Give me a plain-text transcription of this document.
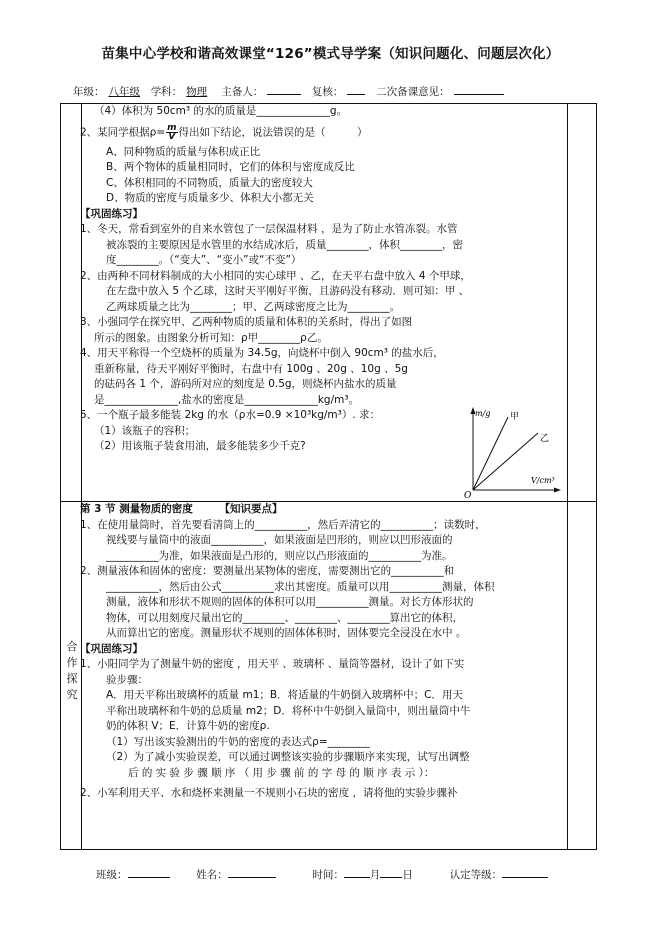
苗集中心学校和谐高效课堂“126”模式导学案（知识问题化、问题层次化）
年级： 八年级 学科： 物理 主备人：	复核：	二次备课意见：
合
作
探
究

（4）体积为 50cm³ 的水的质量是______________g。

2、某同学根据$\rho= \frac{m}{V}$ 得出如下结论，说法错误的是（　　　）

A、同种物质的质量与体积成正比

B、两个物体的质量相同时，它们的体积与密度成反比

C、体积相同的不同物质，质量大的密度较大

D、物质的密度与质量多少、体积大小都无关

【巩固练习】

1、冬天，常看到室外的自来水管包了一层保温材料 ，是为了防止水管冻裂。水管

被冻裂的主要原因是水管里的水结成冰后，质量________，体积________，密

度________。（“变大”、“变小”或“不变”）

2、由两种不同材料制成的大小相同的实心球甲 、乙，在天平右盘中放入 4 个甲球，

在左盘中放入 5 个乙球，这时天平刚好平衡，且游码没有移动．则可知：甲 、

乙两球质量之比为________；甲、乙两球密度之比为________。

3、小强同学在探究甲、乙两种物质的质量和体积的关系时，得出了如图

所示的图象。由图象分析可知：ρ甲________ρ乙。

4、用天平称得一个空烧杯的质量为 34.5g，向烧杯中倒入 90cm³ 的盐水后，

重新称量，待天平刚好平衡时，右盘中有 100g 、20g 、10g 、5g

的砝码各 1 个，游码所对应的刻度是 0.5g，则烧杯内盐水的质量

是______________,盐水的密度是______________kg/m³。

5、一个瓶子最多能装 2kg 的水（ρ水=0.9 ×10³kg/m³）. 求：

（1）该瓶子的容积；

（2）用该瓶子装食用油，最多能装多少千克?

m/g
V/cm³
O
甲
乙

第 3 节 测量物质的密度	【知识要点】

1、在使用量筒时，首先要看清筒上的__________，然后弄清它的__________；读数时，

视线要与量筒中的液面__________，如果液面是凹形的，则应以凹形液面的

__________为准，如果液面是凸形的，则应以凸形液面的__________为准。

2、测量液体和固体的密度：要测量出某物体的密度，需要测出它的__________和

__________，然后由公式__________求出其密度。质量可以用__________测量，体积

测量，液体和形状不规则的固体的体积可以用__________测量。对长方体形状的

物体，可以用刻度尺量出它的________、________、________算出它的体积，

从而算出它的密度。测量形状不规则的固体体积时，固体要完全浸没在水中 。

【巩固练习】

1、小阳同学为了测量牛奶的密度 ，用天平 、玻璃杯 、量筒等器材，设计了如下实

验步骤：

A．用天平称出玻璃杯的质量 m1；B．将适量的牛奶倒入玻璃杯中；C．用天

平称出玻璃杯和牛奶的总质量 m2；D．将杯中牛奶倒入量筒中，则出量筒中牛

奶的体积 V；E．计算牛奶的密度ρ.

（1）写出该实验测出的牛奶的密度的表达式ρ=________

（2）为了减小实验误差，可以通过调整该实验的步骤顺序来实现，试写出调整

后 的 实 验 步 骤 顺 序 （ 用 步 骤 前 的 字 母 的 顺 序 表 示 ）：

2、小军利用天平、水和烧杯来测量一不规则小石块的密度 ，请将他的实验步骤补

班级：	姓名：	时间： 月 日	认定等级：
